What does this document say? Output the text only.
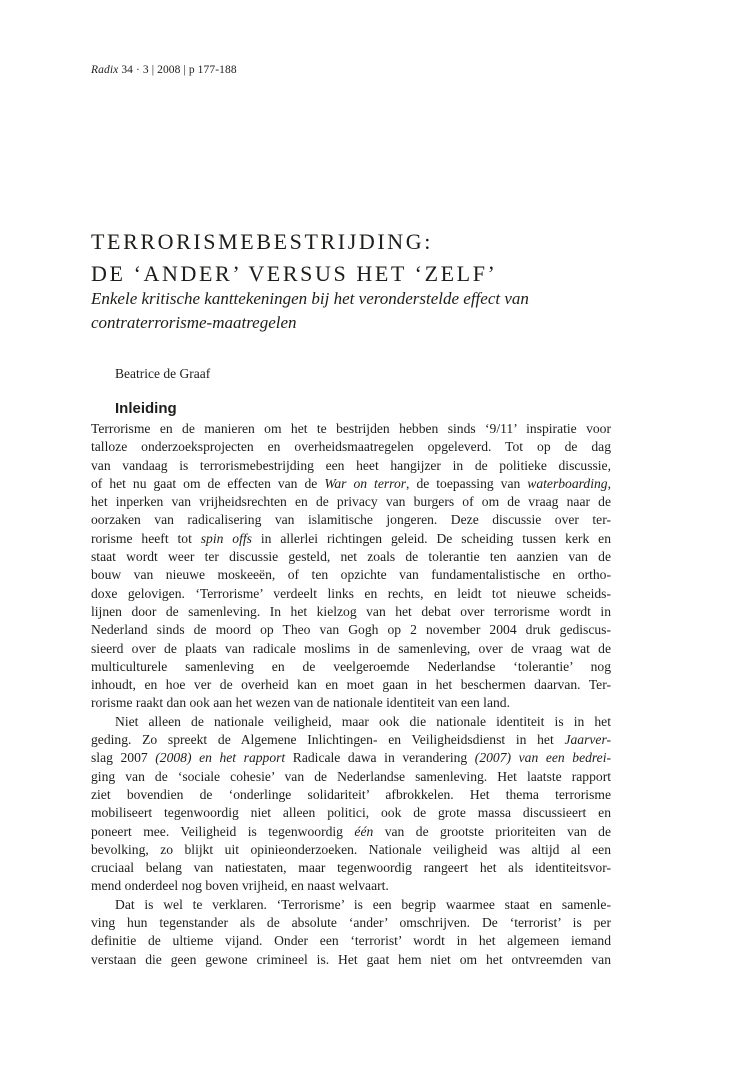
Radix 34 · 3 | 2008 | p 177-188
TERRORISMEBESTRIJDING:
DE ‘ANDER’ VERSUS HET ‘ZELF’
Enkele kritische kanttekeningen bij het veronderstelde effect van
contraterrorisme-maatregelen
Beatrice de Graaf
Inleiding
Terrorisme en de manieren om het te bestrijden hebben sinds ‘9/11’ inspiratie voor
talloze onderzoeksprojecten en overheidsmaatregelen opgeleverd. Tot op de dag
van vandaag is terrorismebestrijding een heet hangijzer in de politieke discussie,
of het nu gaat om de effecten van de War on terror, de toepassing van waterboarding,
het inperken van vrijheidsrechten en de privacy van burgers of om de vraag naar de
oorzaken van radicalisering van islamitische jongeren. Deze discussie over ter-
rorisme heeft tot spin offs in allerlei richtingen geleid. De scheiding tussen kerk en
staat wordt weer ter discussie gesteld, net zoals de tolerantie ten aanzien van de
bouw van nieuwe moskeeën, of ten opzichte van fundamentalistische en ortho-
doxe gelovigen. ‘Terrorisme’ verdeelt links en rechts, en leidt tot nieuwe scheids-
lijnen door de samenleving. In het kielzog van het debat over terrorisme wordt in
Nederland sinds de moord op Theo van Gogh op 2 november 2004 druk gediscus-
sieerd over de plaats van radicale moslims in de samenleving, over de vraag wat de
multiculturele samenleving en de veelgeroemde Nederlandse ‘tolerantie’ nog
inhoudt, en hoe ver de overheid kan en moet gaan in het beschermen daarvan. Ter-
rorisme raakt dan ook aan het wezen van de nationale identiteit van een land.
Niet alleen de nationale veiligheid, maar ook die nationale identiteit is in het
geding. Zo spreekt de Algemene Inlichtingen- en Veiligheidsdienst in het Jaarver-
slag 2007 (2008) en het rapport Radicale dawa in verandering (2007) van een bedrei-
ging van de ‘sociale cohesie’ van de Nederlandse samenleving. Het laatste rapport
ziet bovendien de ‘onderlinge solidariteit’ afbrokkelen. Het thema terrorisme
mobiliseert tegenwoordig niet alleen politici, ook de grote massa discussieert en
poneert mee. Veiligheid is tegenwoordig één van de grootste prioriteiten van de
bevolking, zo blijkt uit opinieonderzoeken. Nationale veiligheid was altijd al een
cruciaal belang van natiestaten, maar tegenwoordig rangeert het als identiteitsvor-
mend onderdeel nog boven vrijheid, en naast welvaart.
Dat is wel te verklaren. ‘Terrorisme’ is een begrip waarmee staat en samenle-
ving hun tegenstander als de absolute ‘ander’ omschrijven. De ‘terrorist’ is per
definitie de ultieme vijand. Onder een ‘terrorist’ wordt in het algemeen iemand
verstaan die geen gewone crimineel is. Het gaat hem niet om het ontvreemden van
